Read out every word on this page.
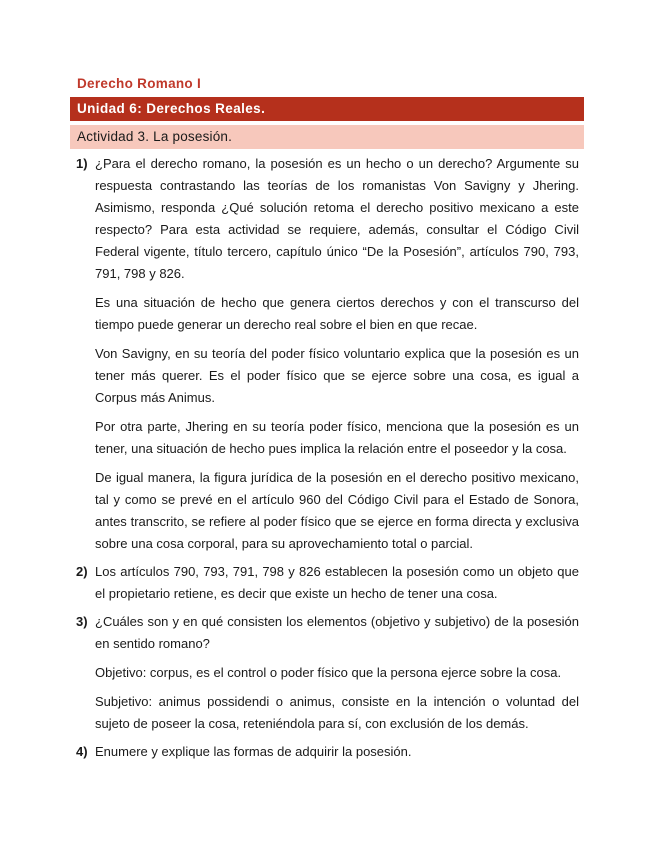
Derecho Romano I
Unidad 6: Derechos Reales.
Actividad 3. La posesión.
1) ¿Para el derecho romano, la posesión es un hecho o un derecho? Argumente su respuesta contrastando las teorías de los romanistas Von Savigny y Jhering. Asimismo, responda ¿Qué solución retoma el derecho positivo mexicano a este respecto? Para esta actividad se requiere, además, consultar el Código Civil Federal vigente, título tercero, capítulo único “De la Posesión”, artículos 790, 793, 791, 798 y 826.
Es una situación de hecho que genera ciertos derechos y con el transcurso del tiempo puede generar un derecho real sobre el bien en que recae.
Von Savigny, en su teoría del poder físico voluntario explica que la posesión es un tener más querer. Es el poder físico que se ejerce sobre una cosa, es igual a Corpus más Animus.
Por otra parte, Jhering en su teoría poder físico, menciona que la posesión es un tener, una situación de hecho pues implica la relación entre el poseedor y la cosa.
De igual manera, la figura jurídica de la posesión en el derecho positivo mexicano, tal y como se prevé en el artículo 960 del Código Civil para el Estado de Sonora, antes transcrito, se refiere al poder físico que se ejerce en forma directa y exclusiva sobre una cosa corporal, para su aprovechamiento total o parcial.
2) Los artículos 790, 793, 791, 798 y 826 establecen la posesión como un objeto que el propietario retiene, es decir que existe un hecho de tener una cosa.
3) ¿Cuáles son y en qué consisten los elementos (objetivo y subjetivo) de la posesión en sentido romano?
Objetivo: corpus, es el control o poder físico que la persona ejerce sobre la cosa.
Subjetivo: animus possidendi o animus, consiste en la intención o voluntad del sujeto de poseer la cosa, reteniéndola para sí, con exclusión de los demás.
4) Enumere y explique las formas de adquirir la posesión.
